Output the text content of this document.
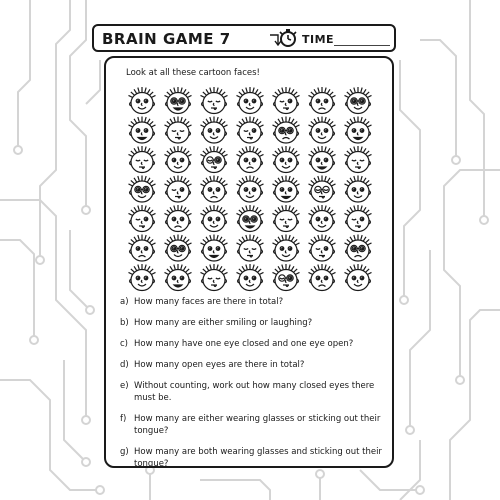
BRAIN GAME 7	TIME
Look at all these cartoon faces!
a) How many faces are there in total?
b) How many are either smiling or laughing?
c) How many have one eye closed and one eye open?
d) How many open eyes are there in total?
e) Without counting, work out how many closed eyes there must be.
f) How many are either wearing glasses or sticking out their tongue?
g) How many are both wearing glasses and sticking out their tongue?
